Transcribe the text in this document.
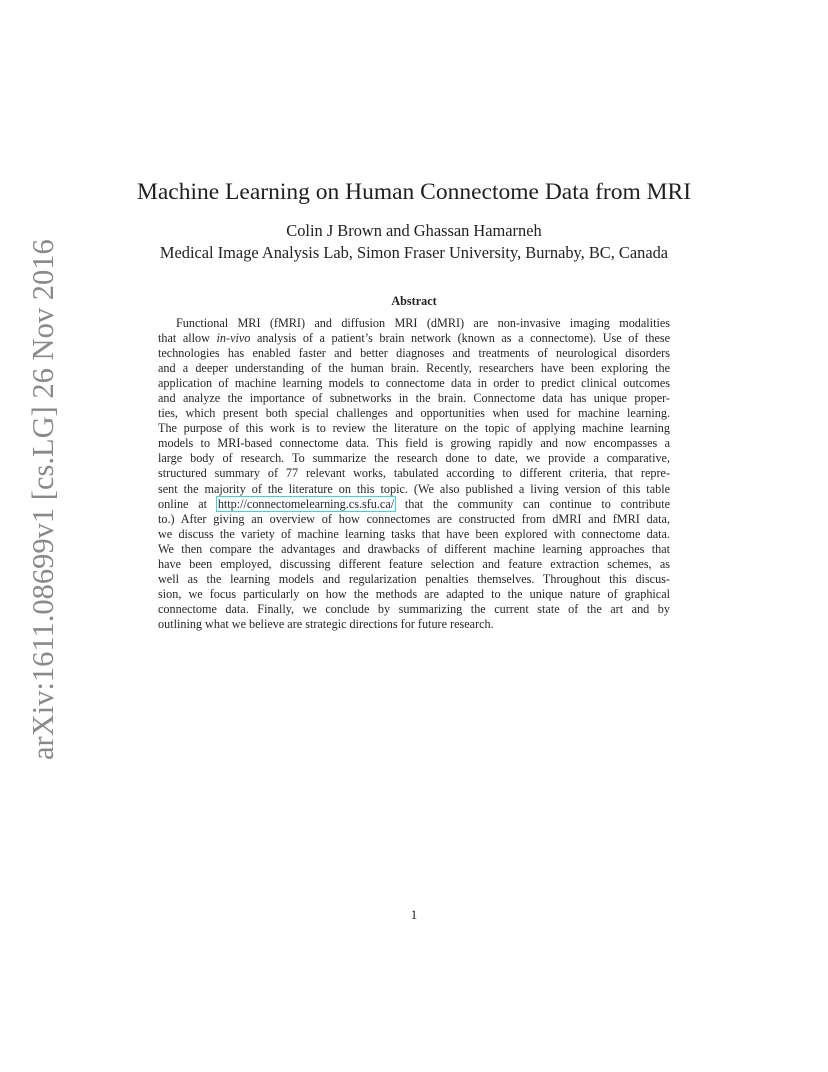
arXiv:1611.08699v1 [cs.LG] 26 Nov 2016
Machine Learning on Human Connectome Data from MRI
Colin J Brown and Ghassan Hamarneh
Medical Image Analysis Lab, Simon Fraser University, Burnaby, BC, Canada
Abstract
Functional MRI (fMRI) and diffusion MRI (dMRI) are non-invasive imaging modalities
that allow in-vivo analysis of a patient’s brain network (known as a connectome). Use of these
technologies has enabled faster and better diagnoses and treatments of neurological disorders
and a deeper understanding of the human brain. Recently, researchers have been exploring the
application of machine learning models to connectome data in order to predict clinical outcomes
and analyze the importance of subnetworks in the brain. Connectome data has unique proper-
ties, which present both special challenges and opportunities when used for machine learning.
The purpose of this work is to review the literature on the topic of applying machine learning
models to MRI-based connectome data. This field is growing rapidly and now encompasses a
large body of research. To summarize the research done to date, we provide a comparative,
structured summary of 77 relevant works, tabulated according to different criteria, that repre-
sent the majority of the literature on this topic. (We also published a living version of this table
online at http://connectomelearning.cs.sfu.ca/ that the community can continue to contribute
to.) After giving an overview of how connectomes are constructed from dMRI and fMRI data,
we discuss the variety of machine learning tasks that have been explored with connectome data.
We then compare the advantages and drawbacks of different machine learning approaches that
have been employed, discussing different feature selection and feature extraction schemes, as
well as the learning models and regularization penalties themselves. Throughout this discus-
sion, we focus particularly on how the methods are adapted to the unique nature of graphical
connectome data. Finally, we conclude by summarizing the current state of the art and by
outlining what we believe are strategic directions for future research.
1
